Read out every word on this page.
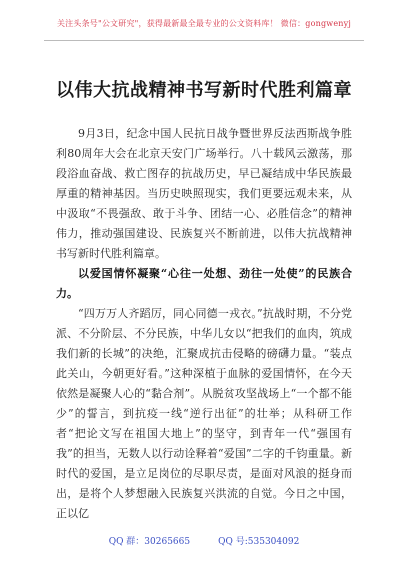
关注头条号"公文研究"，获得最新最全最专业的公文资料库！ 微信：gongwenyj
以伟大抗战精神书写新时代胜利篇章

9月3日，纪念中国人民抗日战争暨世界反法西斯战争胜利80周年大会在北京天安门广场举行。八十载风云激荡，那段浴血奋战、救亡图存的抗战历史，早已凝结成中华民族最厚重的精神基因。当历史映照现实，我们更要远观未来，从中汲取“不畏强敌、敢于斗争、团结一心、必胜信念”的精神伟力，推动强国建设、民族复兴不断前进，以伟大抗战精神书写新时代胜利篇章。

以爱国情怀凝聚“心往一处想、劲往一处使”的民族合力。

“四万万人齐蹈厉，同心同德一戎衣。”抗战时期，不分党派、不分阶层、不分民族，中华儿女以“把我们的血肉，筑成我们新的长城”的决绝，汇聚成抗击侵略的磅礴力量。“装点此关山，今朝更好看。”这种深植于血脉的爱国情怀，在今天依然是凝聚人心的“黏合剂”。从脱贫攻坚战场上“一个都不能少”的誓言，到抗疫一线“逆行出征”的壮举；从科研工作者“把论文写在祖国大地上”的坚守，到青年一代“强国有我”的担当，无数人以行动诠释着“爱国”二字的千钧重量。新时代的爱国，是立足岗位的尽职尽责，是面对风浪的挺身而出，是将个人梦想融入民族复兴洪流的自觉。今日之中国，正以亿

QQ 群：30265665	QQ 号:535304092
